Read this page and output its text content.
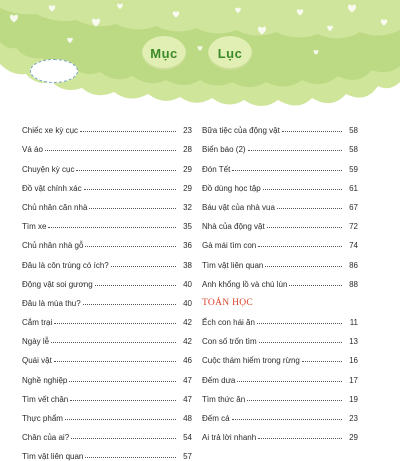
Mục	Lục
Chiếc xe kỳ cục	23
Vá áo	28
Chuyện kỳ cục	29
Đồ vật chính xác	29
Chủ nhân căn nhà	32
Tìm xe	35
Chủ nhân nhà gỗ	36
Đâu là côn trùng có ích?	38
Động vật soi gương	40
Đâu là mùa thu?	40
Cắm trại	42
Ngày lễ	42
Quái vật	46
Nghề nghiệp	47
Tìm vết chân	47
Thực phẩm	48
Chân của ai?	54
Tìm vật liên quan	57
Bữa tiệc của động vật	58
Biển báo (2)	58
Đón Tết	59
Đồ dùng học tập	61
Báu vật của nhà vua	67
Nhà của động vật	72
Gà mái tìm con	74
Tìm vật liên quan	86
Anh khổng lồ và chú lùn	88
TOÁN HỌC
Ếch con hái ăn	11
Con số trốn tìm	13
Cuộc thám hiểm trong rừng	16
Đếm dưa	17
Tìm thức ăn	19
Đếm cá	23
Ai trả lời nhanh	29
